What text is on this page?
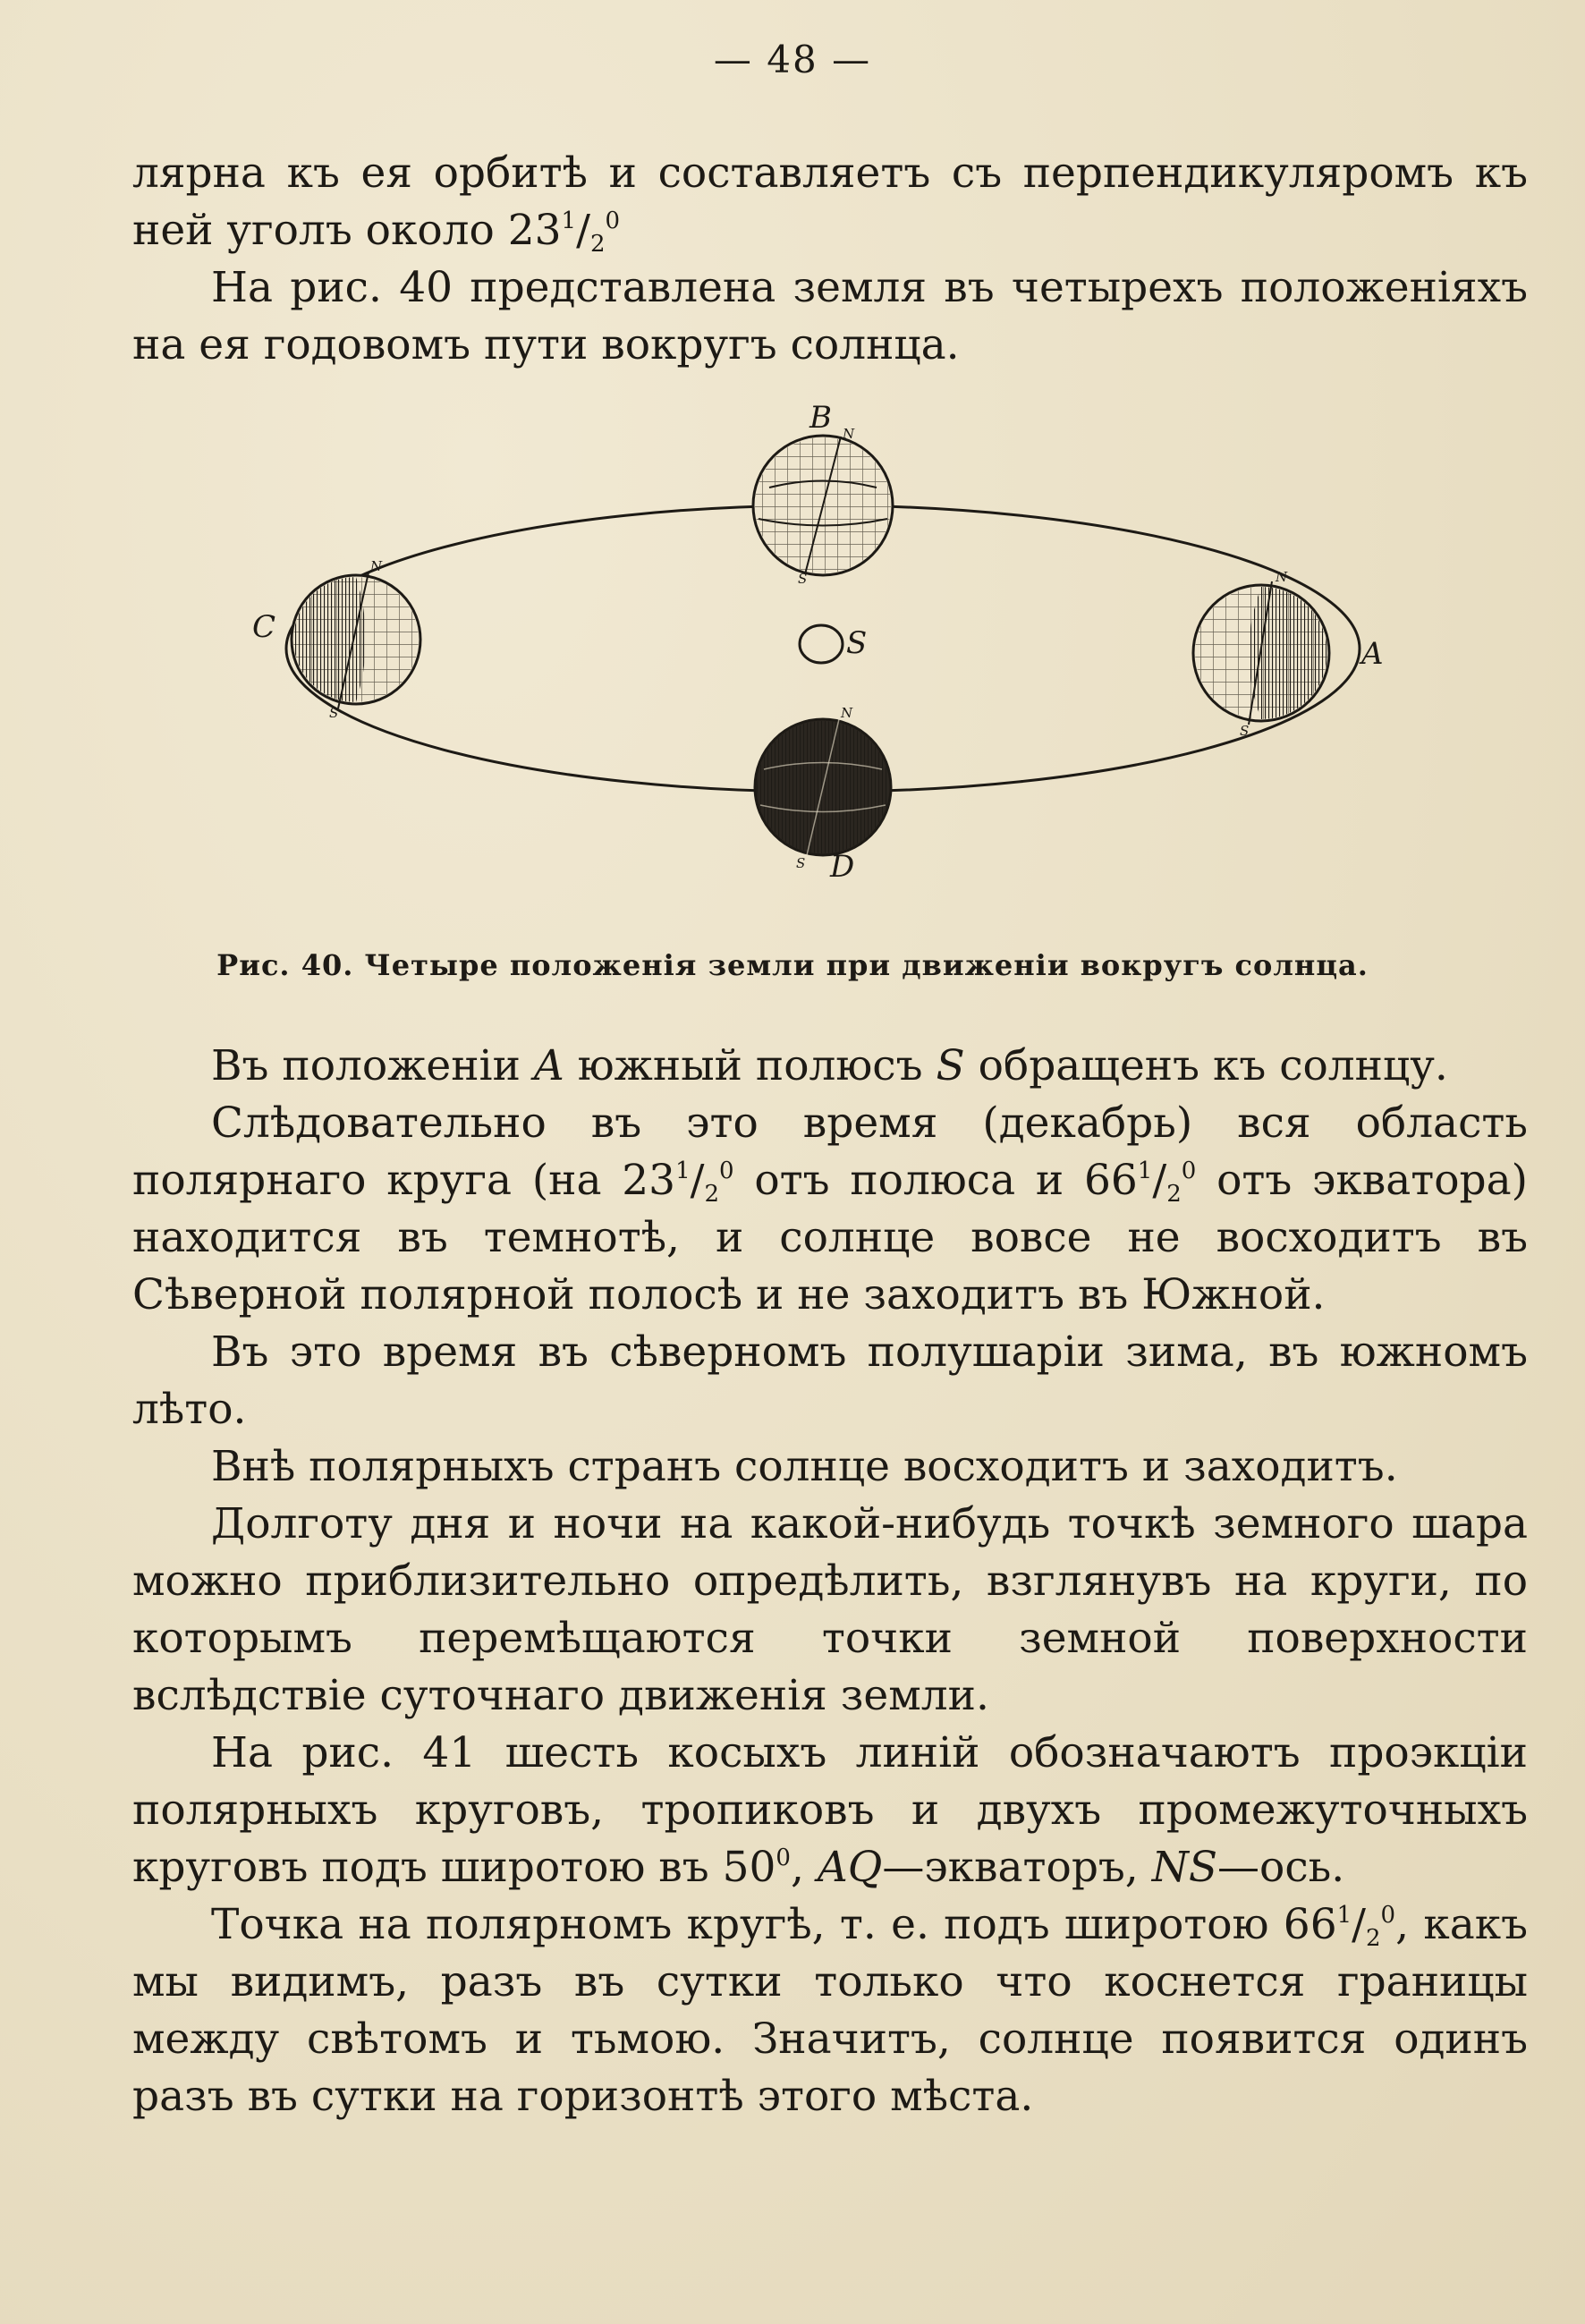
— 48 —

лярна къ ея орбитѣ и составляетъ съ перпендикуляромъ къ ней уголъ около $23^1/_2^0$

На рис. 40 представлена земля въ четырехъ положеніяхъ на ея годовомъ пути вокругъ солнца.

B N
S
S
C
N
S
A
N
S
N
S D
Рис. 40. Четыре положенія земли при движеніи вокругъ солнца.

Въ положеніи A южный полюсъ S обращенъ къ солнцу.

Слѣдовательно въ это время (декабрь) вся область полярнаго круга (на $23^1/_2^0$ отъ полюса и $66^1/_2^0$ отъ экватора) находится въ темнотѣ, и солнце вовсе не восходитъ въ Сѣверной полярной полосѣ и не заходитъ въ Южной.

Въ это время въ сѣверномъ полушаріи зима, въ южномъ лѣто.

Внѣ полярныхъ странъ солнце восходитъ и заходитъ.

Долготу дня и ночи на какой-нибудь точкѣ земного шара можно приблизительно опредѣлить, взглянувъ на круги, по которымъ перемѣщаются точки земной поверхности вслѣдствіе суточнаго движенія земли.

На рис. 41 шесть косыхъ линій обозначаютъ проэкціи полярныхъ круговъ, тропиковъ и двухъ промежуточныхъ круговъ подъ широтою въ $50^0$, AQ—экваторъ, NS—ось.

Точка на полярномъ кругѣ, т. е. подъ широтою $66^1/_2^0$, какъ мы видимъ, разъ въ сутки только что коснется границы между свѣтомъ и тьмою. Значитъ, солнце появится одинъ разъ въ сутки на горизонтѣ этого мѣста.
